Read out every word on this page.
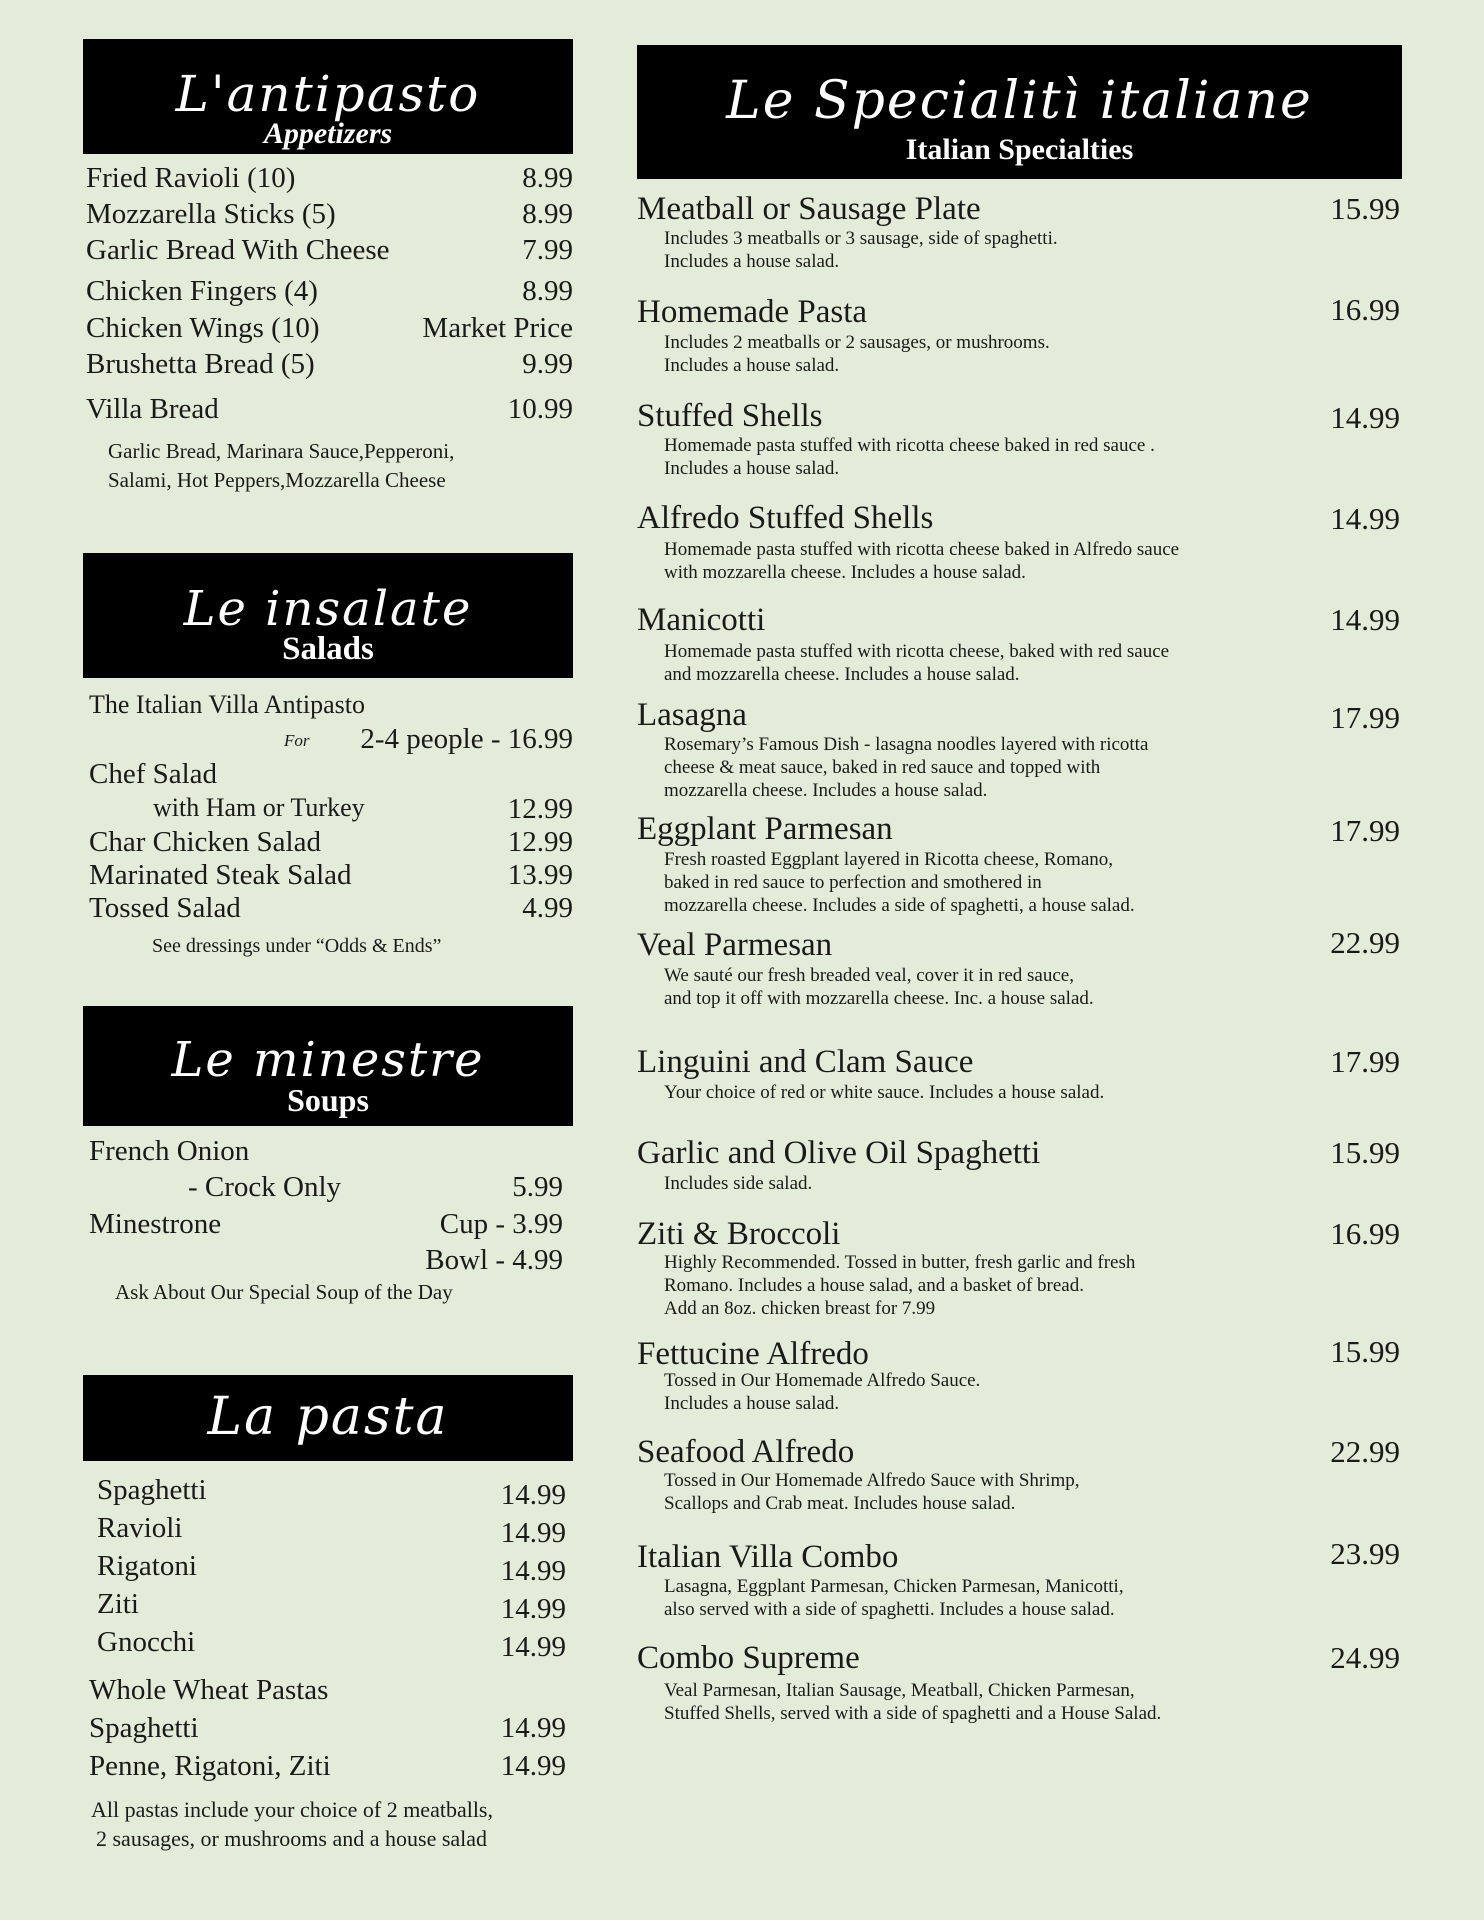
L'antipasto
Appetizers
Fried Ravioli (10)	8.99
Mozzarella Sticks (5)	8.99
Garlic Bread With Cheese	7.99
Chicken Fingers (4)	8.99
Chicken Wings (10)	Market Price
Brushetta Bread (5)	9.99
Villa Bread	10.99
Garlic Bread, Marinara Sauce,Pepperoni,
Salami, Hot Peppers,Mozzarella Cheese
Le insalate
Salads
The Italian Villa Antipasto
For 2-4 people - 16.99
Chef Salad
with Ham or Turkey	12.99
Char Chicken Salad	12.99
Marinated Steak Salad	13.99
Tossed Salad	4.99
See dressings under “Odds & Ends”
Le minestre
Soups
French Onion
- Crock Only	5.99
Minestrone	Cup - 3.99
Bowl - 4.99
Ask About Our Special Soup of the Day
La pasta
Spaghetti	14.99
Ravioli	14.99
Rigatoni	14.99
Ziti	14.99
Gnocchi	14.99
Whole Wheat Pastas
Spaghetti	14.99
Penne, Rigatoni, Ziti	14.99
All pastas include your choice of 2 meatballs,
2 sausages, or mushrooms and a house salad
Le Specialitì italiane
Italian Specialties
Meatball or Sausage Plate	15.99
Includes 3 meatballs or 3 sausage, side of spaghetti.
Includes a house salad.
Homemade Pasta	16.99
Includes 2 meatballs or 2 sausages, or mushrooms.
Includes a house salad.
Stuffed Shells	14.99
Homemade pasta stuffed with ricotta cheese baked in red sauce .
Includes a house salad.
Alfredo Stuffed Shells	14.99
Homemade pasta stuffed with ricotta cheese baked in Alfredo sauce
with mozzarella cheese. Includes a house salad.
Manicotti	14.99
Homemade pasta stuffed with ricotta cheese, baked with red sauce
and mozzarella cheese. Includes a house salad.
Lasagna	17.99
Rosemary’s Famous Dish - lasagna noodles layered with ricotta
cheese & meat sauce, baked in red sauce and topped with
mozzarella cheese. Includes a house salad.
Eggplant Parmesan	17.99
Fresh roasted Eggplant layered in Ricotta cheese, Romano,
baked in red sauce to perfection and smothered in
mozzarella cheese. Includes a side of spaghetti, a house salad.
Veal Parmesan	22.99
We sauté our fresh breaded veal, cover it in red sauce,
and top it off with mozzarella cheese. Inc. a house salad.
Linguini and Clam Sauce	17.99
Your choice of red or white sauce. Includes a house salad.
Garlic and Olive Oil Spaghetti	15.99
Includes side salad.
Ziti & Broccoli	16.99
Highly Recommended. Tossed in butter, fresh garlic and fresh
Romano. Includes a house salad, and a basket of bread.
Add an 8oz. chicken breast for 7.99
Fettucine Alfredo	15.99
Tossed in Our Homemade Alfredo Sauce.
Includes a house salad.
Seafood Alfredo	22.99
Tossed in Our Homemade Alfredo Sauce with Shrimp,
Scallops and Crab meat. Includes house salad.
Italian Villa Combo	23.99
Lasagna, Eggplant Parmesan, Chicken Parmesan, Manicotti,
also served with a side of spaghetti. Includes a house salad.
Combo Supreme	24.99
Veal Parmesan, Italian Sausage, Meatball, Chicken Parmesan,
Stuffed Shells, served with a side of spaghetti and a House Salad.
